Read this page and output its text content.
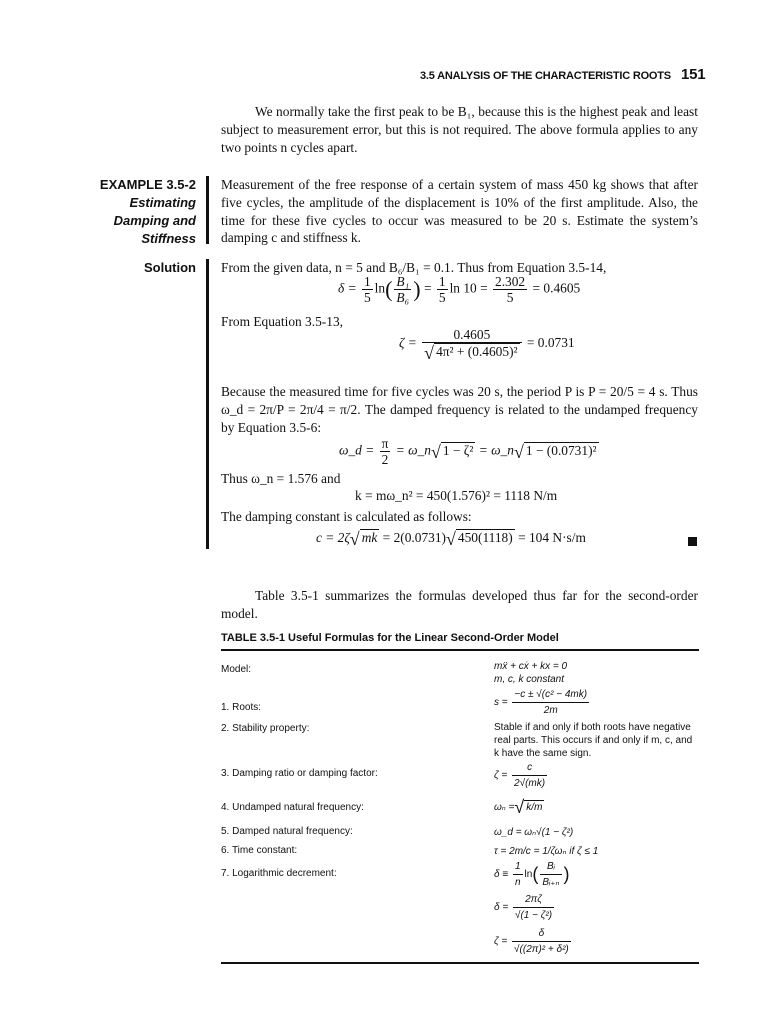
3.5 ANALYSIS OF THE CHARACTERISTIC ROOTS 151
We normally take the first peak to be B₁, because this is the highest peak and least subject to measurement error, but this is not required. The above formula applies to any two points n cycles apart.
EXAMPLE 3.5-2
Estimating
Damping and
Stiffness
Measurement of the free response of a certain system of mass 450 kg shows that after five cycles, the amplitude of the displacement is 10% of the first amplitude. Also, the time for these five cycles to occur was measured to be 20 s. Estimate the system’s damping c and stiffness k.
Solution From the given data, n = 5 and B₆/B₁ = 0.1. Thus from Equation 3.5-14,
$\delta = \frac{1}{5} \ln( \frac{\text{B₁}}{\text{B₆}}$ ) = $\frac{1}{5}$ $\ln 10 = \frac{2.302}{5} = 0.4605$
From Equation 3.5-13,
$\zeta = \frac{0.4605}{\text{√ 4π² + (0.4605)²}} = 0.0731$
Because the measured time for five cycles was 20 s, the period P is P = 20/5 = 4 s. Thus ω_d = 2π/P = 2π/4 = π/2. The damped frequency is related to the undamped frequency by Equation 3.5-6:
ω_d = $\frac{\pi}{2}$ = ω_n√ 1 − ζ² = ω_n√ 1 − (0.0731)²
Thus ω_n = 1.576 and
k = mω_n² = 450(1.576)² = 1118 N/m
The damping constant is calculated as follows:
c = 2ζ√ mk = 2(0.0731)√ 450(1118) = 104 N·s/m
Table 3.5-1 summarizes the formulas developed thus far for the second-order model.
TABLE 3.5-1 Useful Formulas for the Linear Second-Order Model
Model:	mẍ + cẋ + kx = 0
m, c, k constant
1. Roots:	$s = \frac{\text{−c ± √(c² − 4mk)}}{2m}$
2. Stability property:	Stable if and only if both roots have negative real parts. This occurs if and only if m, c, and k have the same sign.
3. Damping ratio or damping factor:	$\zeta = \frac{c}{2√(mk)}$
4. Undamped natural frequency:	ωₙ =√ k/m
5. Damped natural frequency:	ω_d = ωₙ√(1 − ζ²)
6. Time constant:	τ = 2m/c = 1/ζωₙ if ζ ≤ 1
7. Logarithmic decrement:	$\delta \equiv \frac{1}{n} \ln( \frac{\text{Bᵢ}}{\text{Bᵢ₊ₙ}}$ )
$\delta = \frac{2\pi\zeta}{\text{√(1 − ζ²)}}$
$\zeta = \frac{\delta}{\text{√((2π)² + δ²)}}$
